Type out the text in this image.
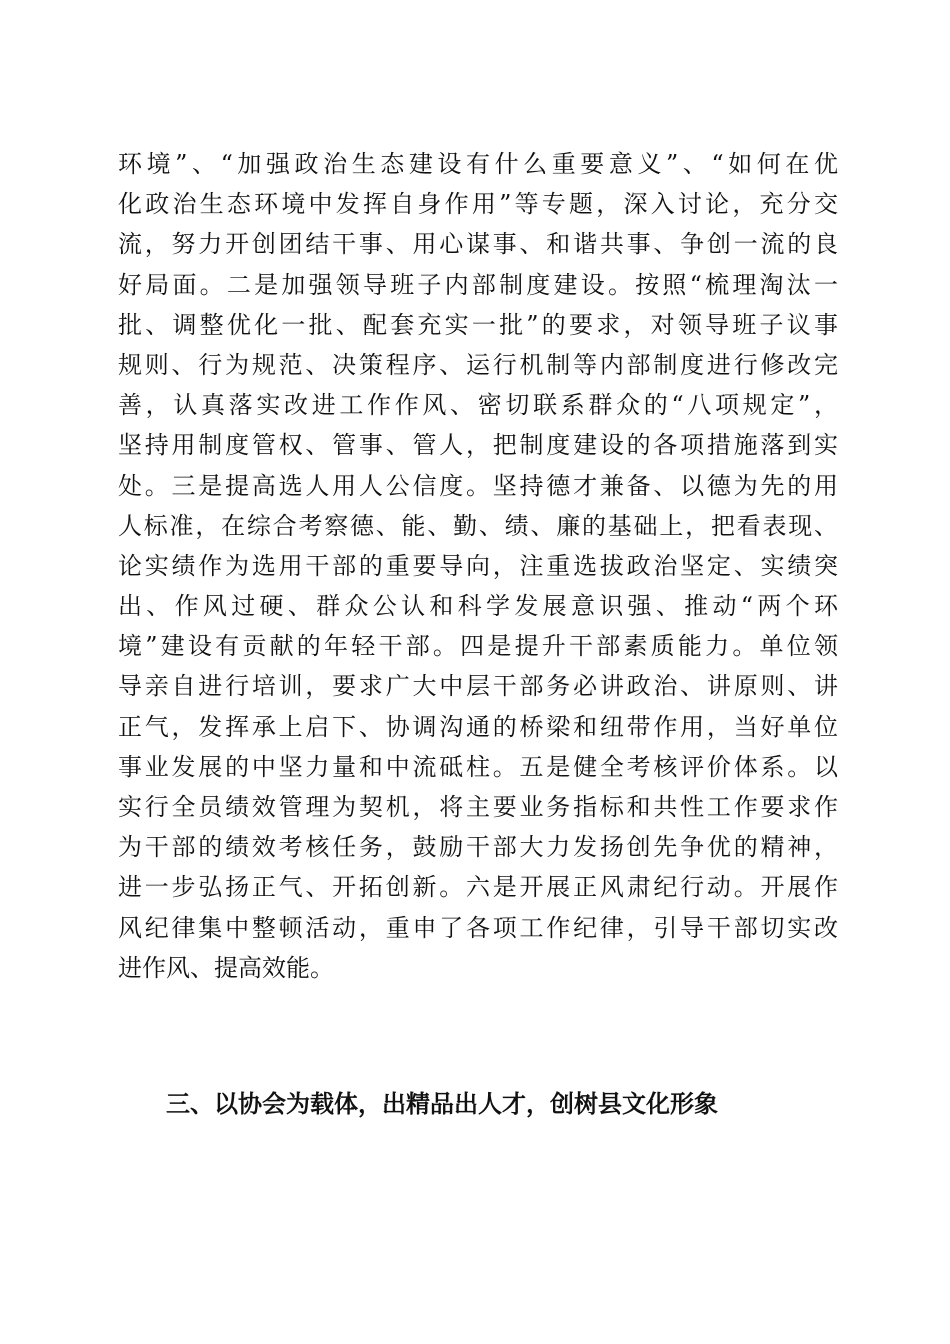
环境”、“加强政治生态建设有什么重要意义”、“如何在优
化政治生态环境中发挥自身作用”等专题，深入讨论，充分交
流，努力开创团结干事、用心谋事、和谐共事、争创一流的良
好局面。二是加强领导班子内部制度建设。按照“梳理淘汰一
批、调整优化一批、配套充实一批”的要求，对领导班子议事
规则、行为规范、决策程序、运行机制等内部制度进行修改完
善，认真落实改进工作作风、密切联系群众的“八项规定”，
坚持用制度管权、管事、管人，把制度建设的各项措施落到实
处。三是提高选人用人公信度。坚持德才兼备、以德为先的用
人标准，在综合考察德、能、勤、绩、廉的基础上，把看表现、
论实绩作为选用干部的重要导向，注重选拔政治坚定、实绩突
出、作风过硬、群众公认和科学发展意识强、推动“两个环
境”建设有贡献的年轻干部。四是提升干部素质能力。单位领
导亲自进行培训，要求广大中层干部务必讲政治、讲原则、讲
正气，发挥承上启下、协调沟通的桥梁和纽带作用，当好单位
事业发展的中坚力量和中流砥柱。五是健全考核评价体系。以
实行全员绩效管理为契机，将主要业务指标和共性工作要求作
为干部的绩效考核任务，鼓励干部大力发扬创先争优的精神，
进一步弘扬正气、开拓创新。六是开展正风肃纪行动。开展作
风纪律集中整顿活动，重申了各项工作纪律，引导干部切实改
进作风、提高效能。
三、以协会为载体，出精品出人才，创树县文化形象
